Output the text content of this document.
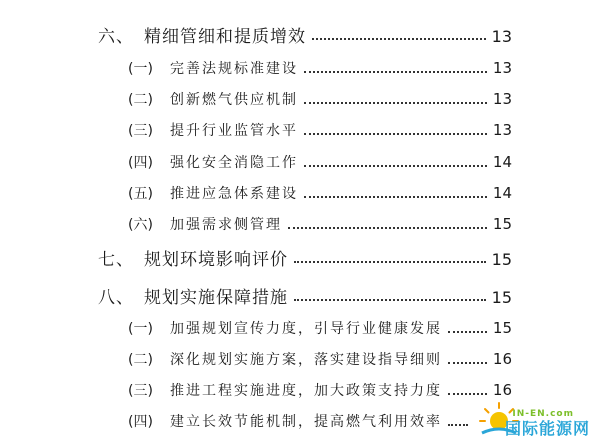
六、 精细管细和提质增效	13
(一)	完善法规标准建设	13
(二)	创新燃气供应机制	13
(三)	提升行业监管水平	13
(四)	强化安全消隐工作	14
(五)	推进应急体系建设	14
(六)	加强需求侧管理	15
七、 规划环境影响评价	15
八、 规划实施保障措施	15
(一)	加强规划宣传力度，引导行业健康发展	15
(二)	深化规划实施方案，落实建设指导细则	16
(三)	推进工程实施进度，加大政策支持力度	16
(四)	建立长效节能机制，提高燃气利用效率	IN-EN.com
国际能源网
